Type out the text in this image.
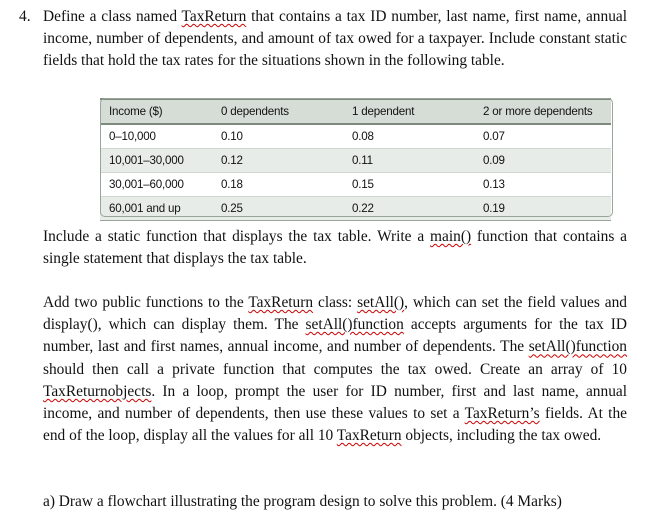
4. Define a class named TaxReturn that contains a tax ID number, last name, first name, annual income, number of dependents, and amount of tax owed for a taxpayer. Include constant static fields that hold the tax rates for the situations shown in the following table.

Income ($)	0 dependents	1 dependent	2 or more dependents
0–10,000	0.10	0.08	0.07
10,001–30,000	0.12	0.11	0.09
30,001–60,000	0.18	0.15	0.13
60,001 and up	0.25	0.22	0.19

Include a static function that displays the tax table. Write a main() function that contains a single statement that displays the tax table.

Add two public functions to the TaxReturn class: setAll(), which can set the field values and display(), which can display them. The setAll()function accepts arguments for the tax ID number, last and first names, annual income, and number of dependents. The setAll()function should then call a private function that computes the tax owed. Create an array of 10 TaxReturnobjects. In a loop, prompt the user for ID number, first and last name, annual income, and number of dependents, then use these values to set a TaxReturn’s fields. At the end of the loop, display all the values for all 10 TaxReturn objects, including the tax owed.

a) Draw a flowchart illustrating the program design to solve this problem. (4 Marks)
